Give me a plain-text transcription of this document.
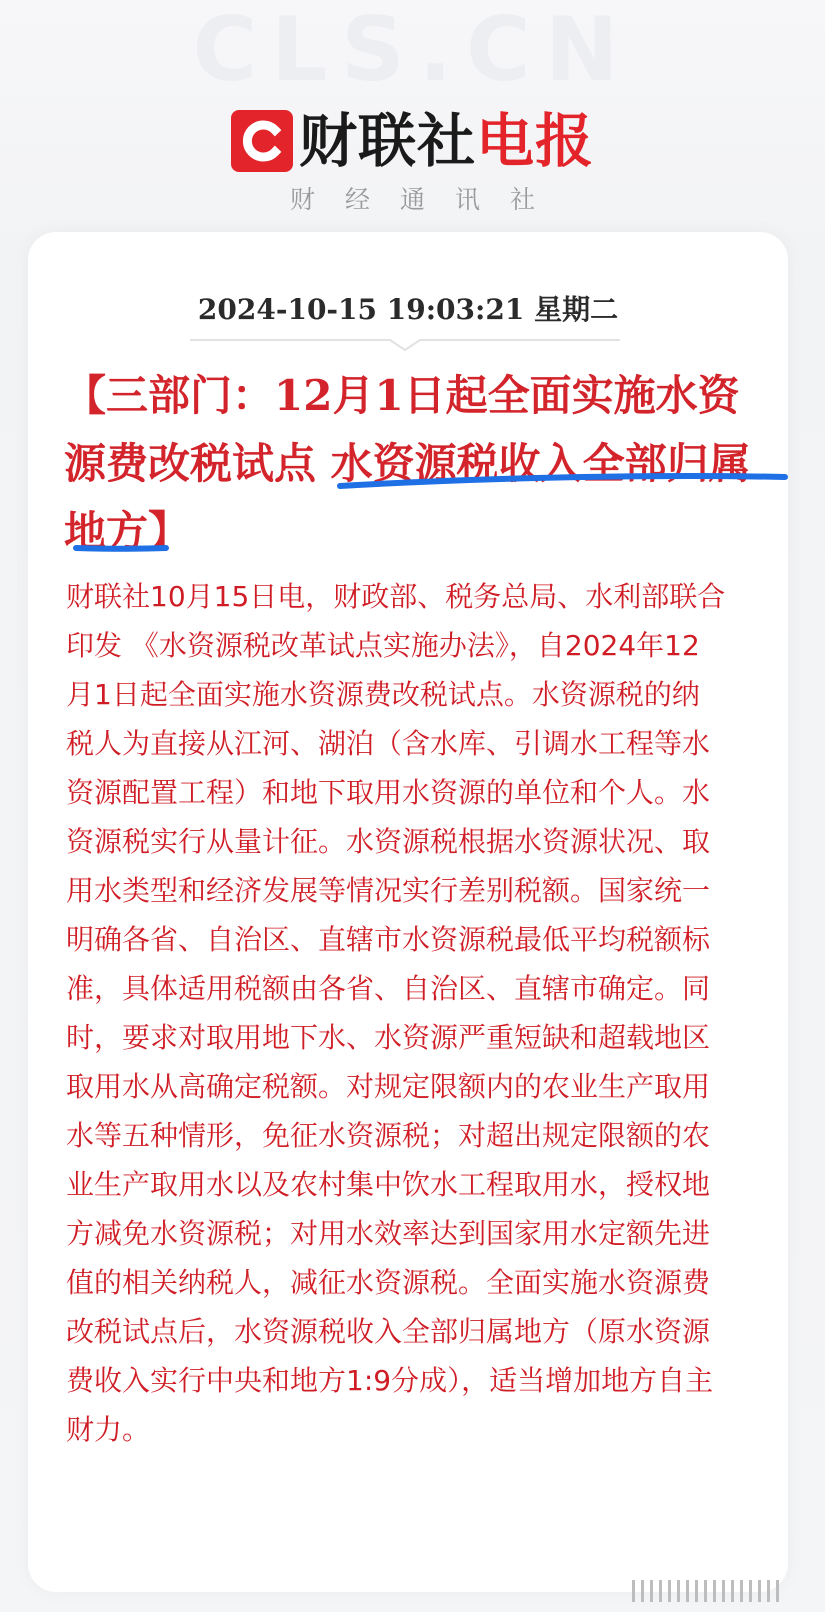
CLS.CN
财联社电报
财经通讯社
2024-10-15 19:03:21 星期二
【三部门：12月1日起全面实施水资源费改税试点 水资源税收入全部归属地方】

财联社10月15日电，财政部、税务总局、水利部联合印发 《水资源税改革试点实施办法》，自2024年12月1日起全面实施水资源费改税试点。水资源税的纳税人为直接从江河、湖泊（含水库、引调水工程等水资源配置工程）和地下取用水资源的单位和个人。水资源税实行从量计征。水资源税根据水资源状况、取用水类型和经济发展等情况实行差别税额。国家统一明确各省、自治区、直辖市水资源税最低平均税额标准，具体适用税额由各省、自治区、直辖市确定。同时，要求对取用地下水、水资源严重短缺和超载地区取用水从高确定税额。对规定限额内的农业生产取用水等五种情形，免征水资源税；对超出规定限额的农业生产取用水以及农村集中饮水工程取用水，授权地方减免水资源税；对用水效率达到国家用水定额先进值的相关纳税人，减征水资源税。全面实施水资源费改税试点后，水资源税收入全部归属地方（原水资源费收入实行中央和地方1:9分成），适当增加地方自主财力。
